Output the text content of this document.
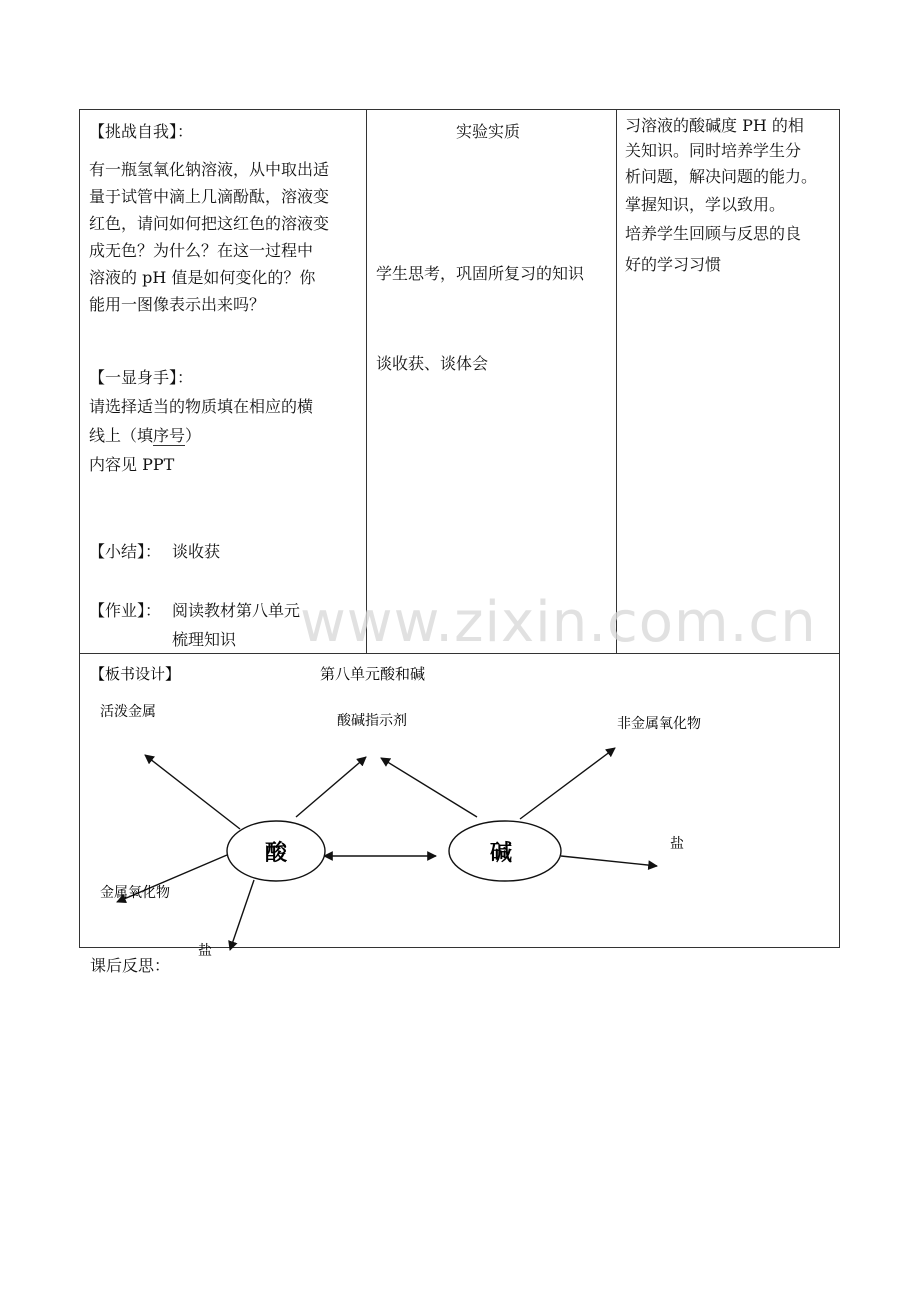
【挑战自我】：
有一瓶氢氧化钠溶液，从中取出适
量于试管中滴上几滴酚酞，溶液变
红色，请问如何把这红色的溶液变
成无色？为什么？在这一过程中
溶液的 pH 值是如何变化的？你
能用一图像表示出来吗？
【一显身手】：
请选择适当的物质填在相应的横
线上（填序号）
内容见 PPT
【小结】： 谈收获
【作业】： 阅读教材第八单元
梳理知识
实验实质
学生思考，巩固所复习的知识
谈收获、谈体会
习溶液的酸碱度 PH 的相
关知识。同时培养学生分
析问题，解决问题的能力。
掌握知识，学以致用。
培养学生回顾与反思的良
好的学习习惯
【板书设计】	第八单元酸和碱
酸	碱
活泼金属
酸碱指示剂	非金属氧化物
盐
金属氧化物
盐
课后反思：
www.zixin.com.cn
